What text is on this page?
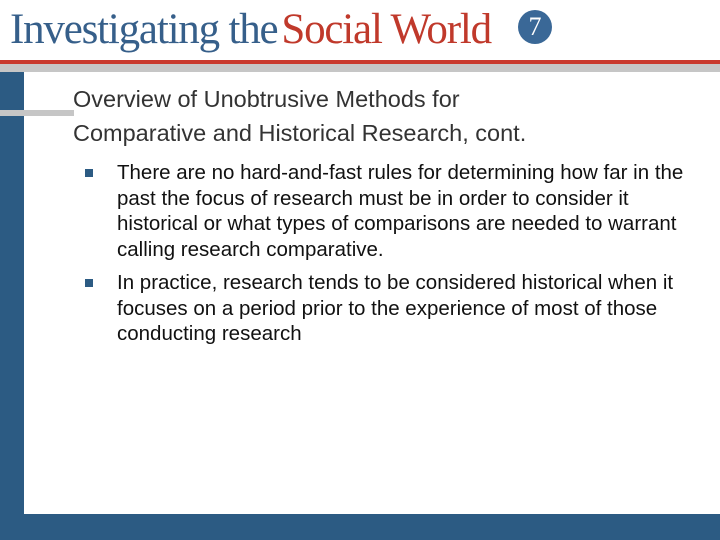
Investigating theSocial World	7
Overview of Unobtrusive Methods for
Comparative and Historical Research, cont.
There are no hard-and-fast rules for determining how far in the past the focus of research must be in order to consider it historical or what types of comparisons are needed to warrant calling research comparative.
In practice, research tends to be considered historical when it focuses on a period prior to the experience of most of those conducting research
